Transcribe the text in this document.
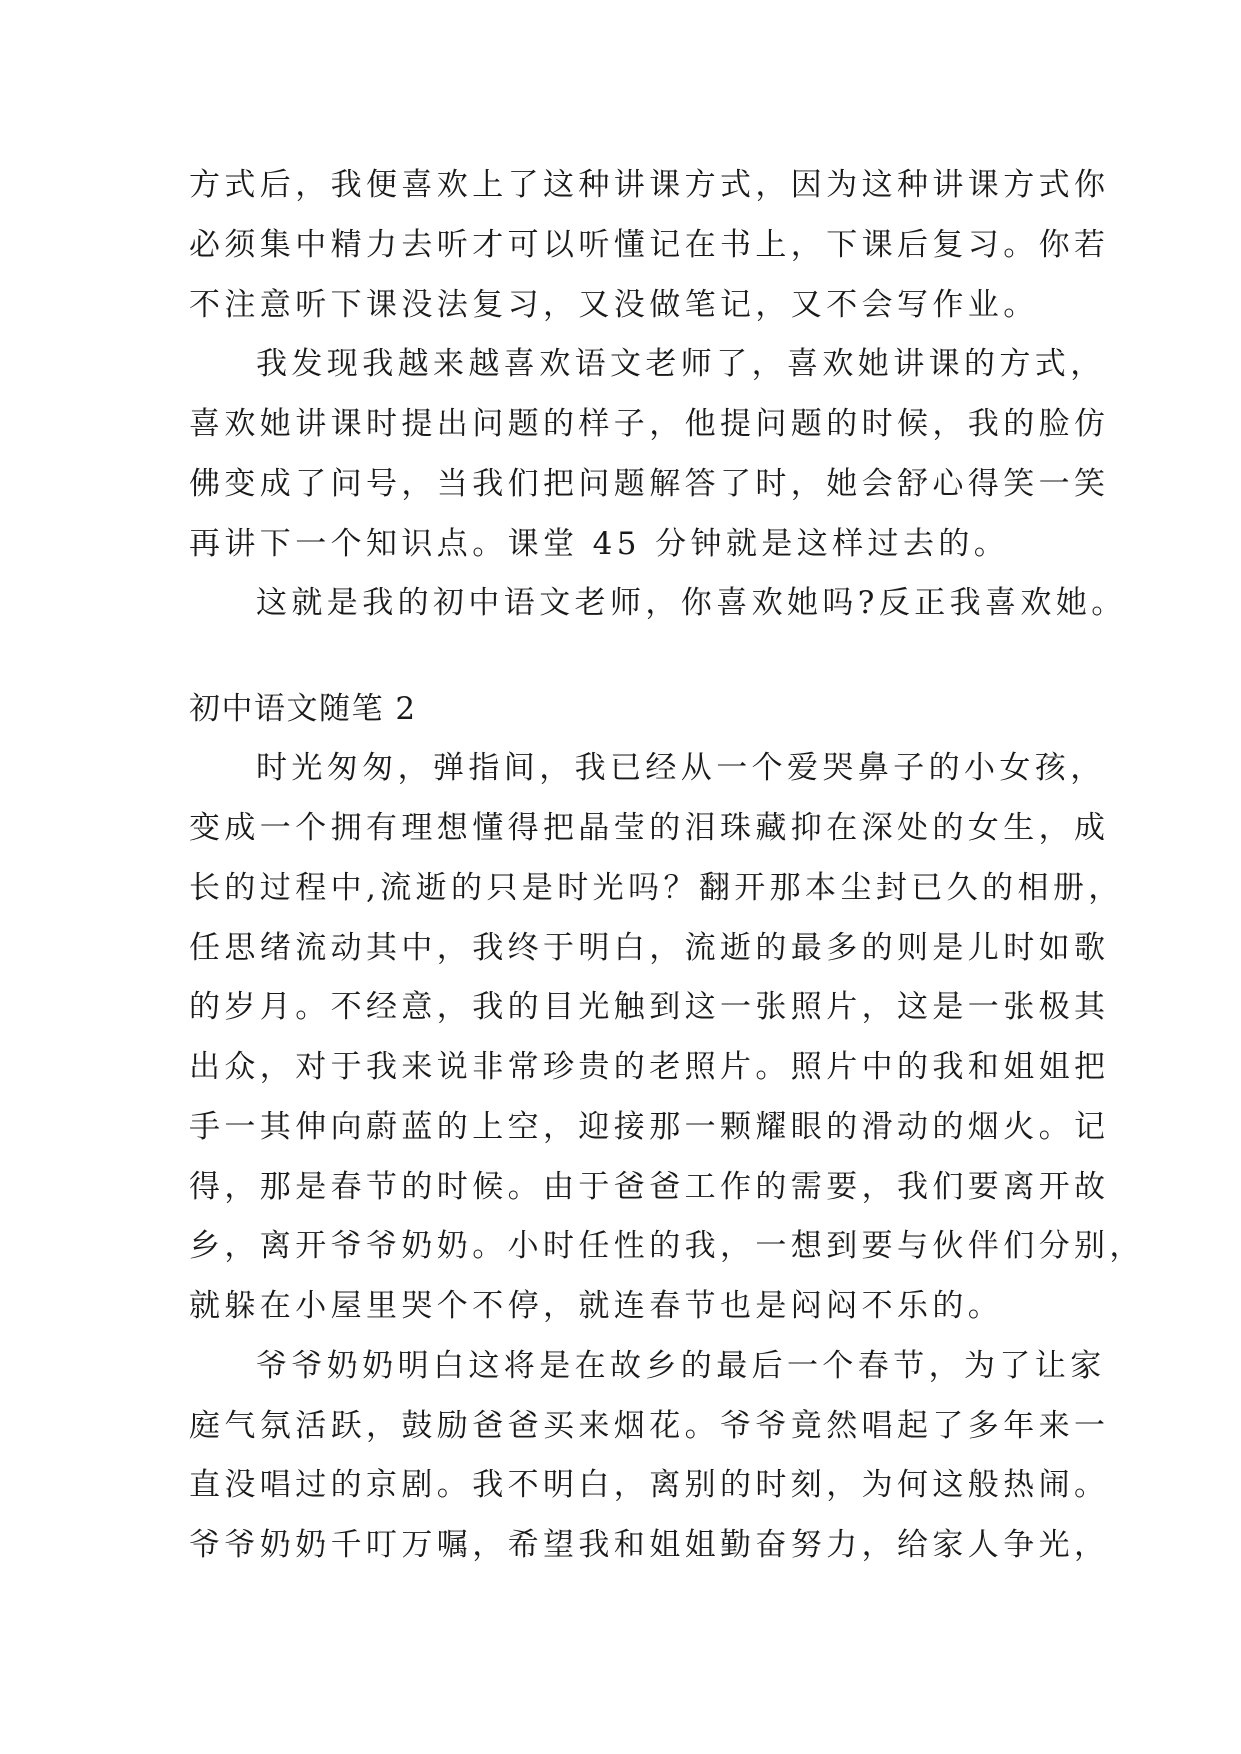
方式后，我便喜欢上了这种讲课方式，因为这种讲课方式你
必须集中精力去听才可以听懂记在书上，下课后复习。你若
不注意听下课没法复习，又没做笔记，又不会写作业。
我发现我越来越喜欢语文老师了，喜欢她讲课的方式，
喜欢她讲课时提出问题的样子，他提问题的时候，我的脸仿
佛变成了问号，当我们把问题解答了时，她会舒心得笑一笑
再讲下一个知识点。课堂 45 分钟就是这样过去的。
这就是我的初中语文老师，你喜欢她吗?反正我喜欢她。
初中语文随笔 2
时光匆匆，弹指间，我已经从一个爱哭鼻子的小女孩，
变成一个拥有理想懂得把晶莹的泪珠藏抑在深处的女生，成
长的过程中,流逝的只是时光吗？翻开那本尘封已久的相册，
任思绪流动其中，我终于明白，流逝的最多的则是儿时如歌
的岁月。不经意，我的目光触到这一张照片，这是一张极其
出众，对于我来说非常珍贵的老照片。照片中的我和姐姐把
手一其伸向蔚蓝的上空，迎接那一颗耀眼的滑动的烟火。记
得，那是春节的时候。由于爸爸工作的需要，我们要离开故
乡，离开爷爷奶奶。小时任性的我，一想到要与伙伴们分别，
就躲在小屋里哭个不停，就连春节也是闷闷不乐的。
爷爷奶奶明白这将是在故乡的最后一个春节，为了让家
庭气氛活跃，鼓励爸爸买来烟花。爷爷竟然唱起了多年来一
直没唱过的京剧。我不明白，离别的时刻，为何这般热闹。
爷爷奶奶千叮万嘱，希望我和姐姐勤奋努力，给家人争光，
